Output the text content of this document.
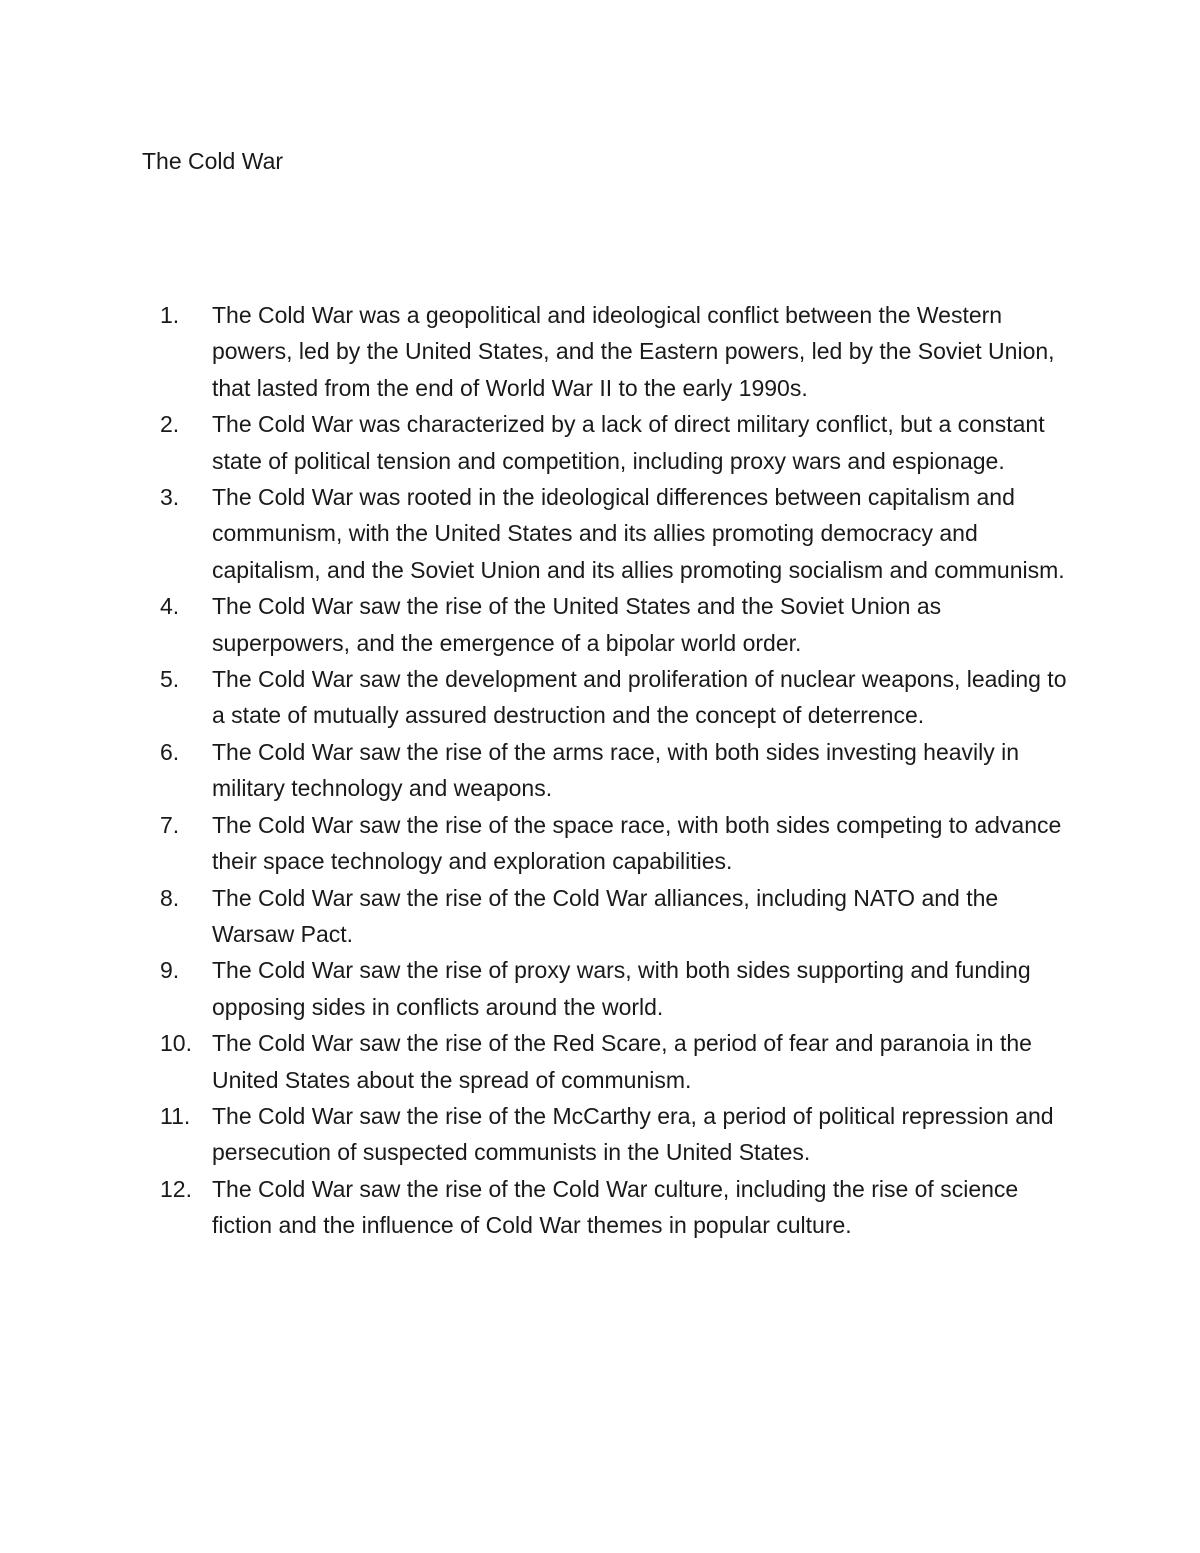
The Cold War
1.	The Cold War was a geopolitical and ideological conflict between the Western powers, led by the United States, and the Eastern powers, led by the Soviet Union, that lasted from the end of World War II to the early 1990s.
2.	The Cold War was characterized by a lack of direct military conflict, but a constant state of political tension and competition, including proxy wars and espionage.
3.	The Cold War was rooted in the ideological differences between capitalism and communism, with the United States and its allies promoting democracy and capitalism, and the Soviet Union and its allies promoting socialism and communism.
4.	The Cold War saw the rise of the United States and the Soviet Union as superpowers, and the emergence of a bipolar world order.
5.	The Cold War saw the development and proliferation of nuclear weapons, leading to a state of mutually assured destruction and the concept of deterrence.
6.	The Cold War saw the rise of the arms race, with both sides investing heavily in military technology and weapons.
7.	The Cold War saw the rise of the space race, with both sides competing to advance their space technology and exploration capabilities.
8.	The Cold War saw the rise of the Cold War alliances, including NATO and the Warsaw Pact.
9.	The Cold War saw the rise of proxy wars, with both sides supporting and funding opposing sides in conflicts around the world.
10. The Cold War saw the rise of the Red Scare, a period of fear and paranoia in the United States about the spread of communism.
11. The Cold War saw the rise of the McCarthy era, a period of political repression and persecution of suspected communists in the United States.
12. The Cold War saw the rise of the Cold War culture, including the rise of science fiction and the influence of Cold War themes in popular culture.
